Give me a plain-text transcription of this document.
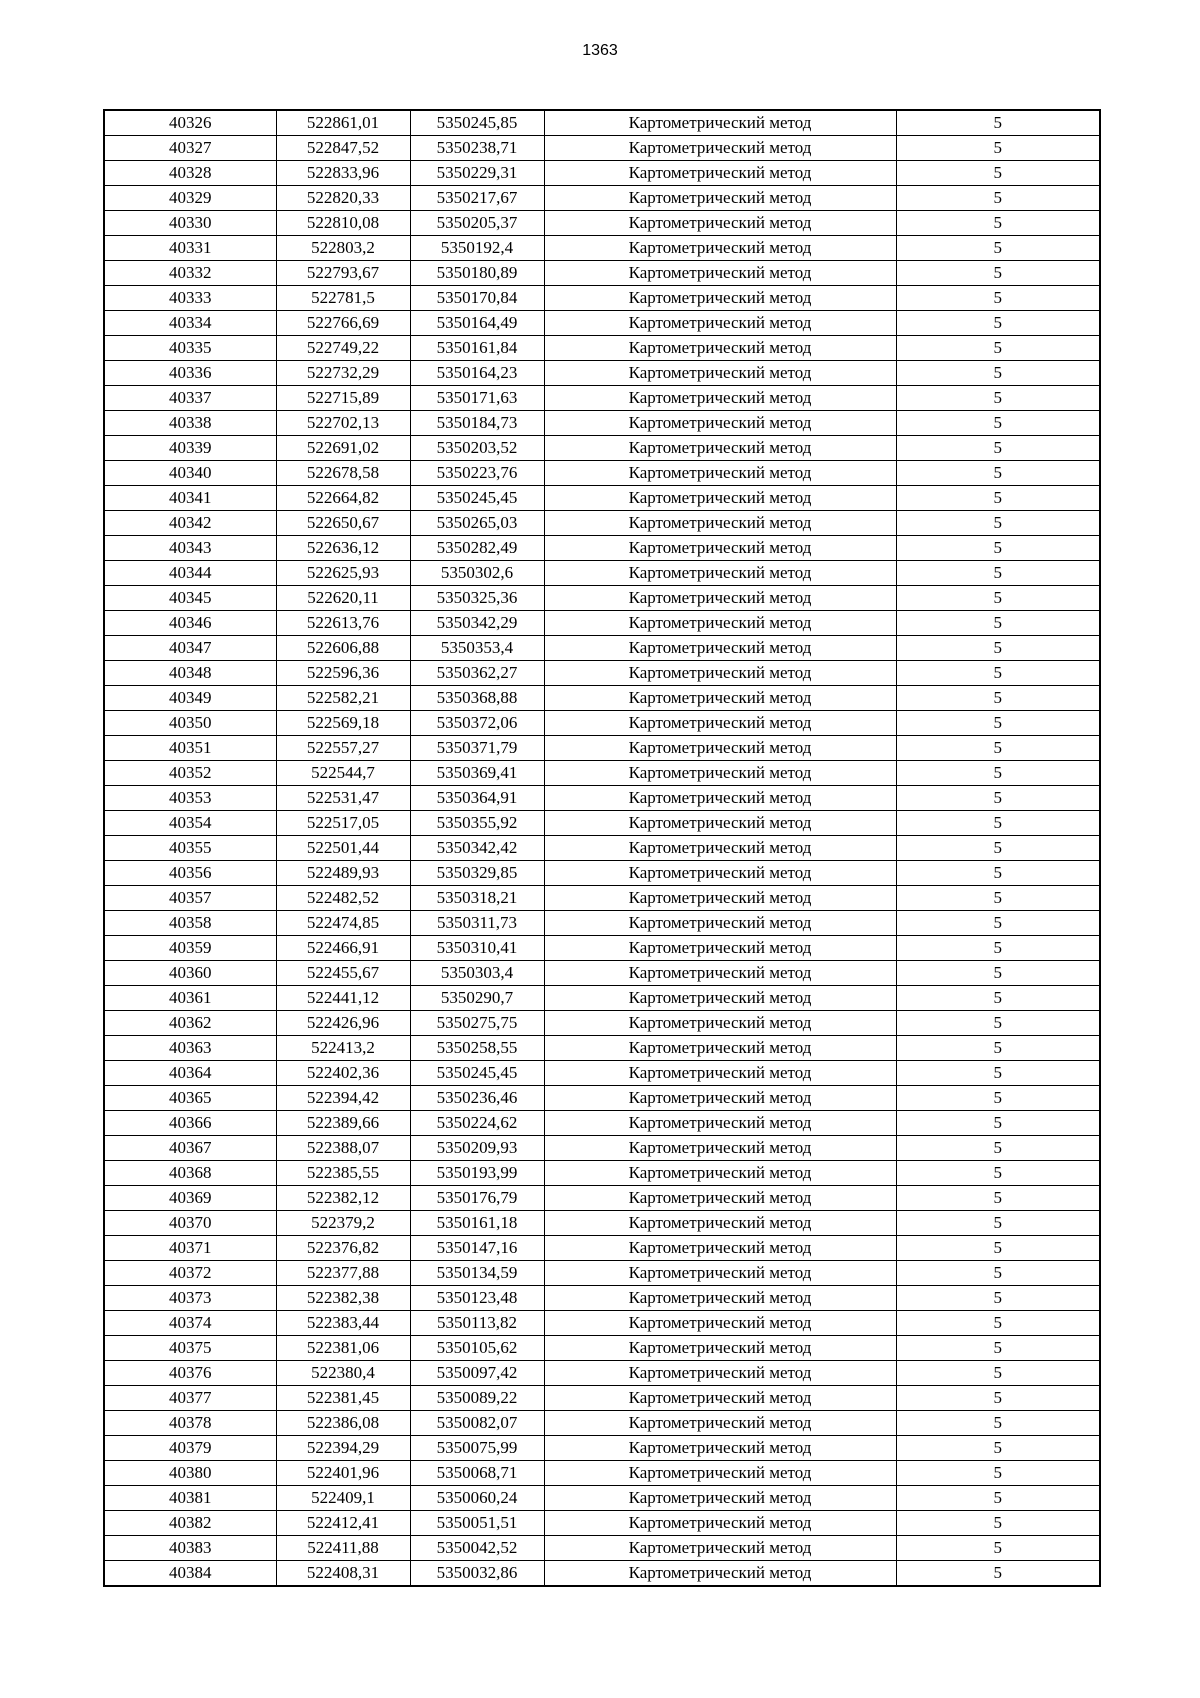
1363
40326	522861,01	5350245,85	Картометрический метод	5
40327	522847,52	5350238,71	Картометрический метод	5
40328	522833,96	5350229,31	Картометрический метод	5
40329	522820,33	5350217,67	Картометрический метод	5
40330	522810,08	5350205,37	Картометрический метод	5
40331	522803,2	5350192,4	Картометрический метод	5
40332	522793,67	5350180,89	Картометрический метод	5
40333	522781,5	5350170,84	Картометрический метод	5
40334	522766,69	5350164,49	Картометрический метод	5
40335	522749,22	5350161,84	Картометрический метод	5
40336	522732,29	5350164,23	Картометрический метод	5
40337	522715,89	5350171,63	Картометрический метод	5
40338	522702,13	5350184,73	Картометрический метод	5
40339	522691,02	5350203,52	Картометрический метод	5
40340	522678,58	5350223,76	Картометрический метод	5
40341	522664,82	5350245,45	Картометрический метод	5
40342	522650,67	5350265,03	Картометрический метод	5
40343	522636,12	5350282,49	Картометрический метод	5
40344	522625,93	5350302,6	Картометрический метод	5
40345	522620,11	5350325,36	Картометрический метод	5
40346	522613,76	5350342,29	Картометрический метод	5
40347	522606,88	5350353,4	Картометрический метод	5
40348	522596,36	5350362,27	Картометрический метод	5
40349	522582,21	5350368,88	Картометрический метод	5
40350	522569,18	5350372,06	Картометрический метод	5
40351	522557,27	5350371,79	Картометрический метод	5
40352	522544,7	5350369,41	Картометрический метод	5
40353	522531,47	5350364,91	Картометрический метод	5
40354	522517,05	5350355,92	Картометрический метод	5
40355	522501,44	5350342,42	Картометрический метод	5
40356	522489,93	5350329,85	Картометрический метод	5
40357	522482,52	5350318,21	Картометрический метод	5
40358	522474,85	5350311,73	Картометрический метод	5
40359	522466,91	5350310,41	Картометрический метод	5
40360	522455,67	5350303,4	Картометрический метод	5
40361	522441,12	5350290,7	Картометрический метод	5
40362	522426,96	5350275,75	Картометрический метод	5
40363	522413,2	5350258,55	Картометрический метод	5
40364	522402,36	5350245,45	Картометрический метод	5
40365	522394,42	5350236,46	Картометрический метод	5
40366	522389,66	5350224,62	Картометрический метод	5
40367	522388,07	5350209,93	Картометрический метод	5
40368	522385,55	5350193,99	Картометрический метод	5
40369	522382,12	5350176,79	Картометрический метод	5
40370	522379,2	5350161,18	Картометрический метод	5
40371	522376,82	5350147,16	Картометрический метод	5
40372	522377,88	5350134,59	Картометрический метод	5
40373	522382,38	5350123,48	Картометрический метод	5
40374	522383,44	5350113,82	Картометрический метод	5
40375	522381,06	5350105,62	Картометрический метод	5
40376	522380,4	5350097,42	Картометрический метод	5
40377	522381,45	5350089,22	Картометрический метод	5
40378	522386,08	5350082,07	Картометрический метод	5
40379	522394,29	5350075,99	Картометрический метод	5
40380	522401,96	5350068,71	Картометрический метод	5
40381	522409,1	5350060,24	Картометрический метод	5
40382	522412,41	5350051,51	Картометрический метод	5
40383	522411,88	5350042,52	Картометрический метод	5
40384	522408,31	5350032,86	Картометрический метод	5
